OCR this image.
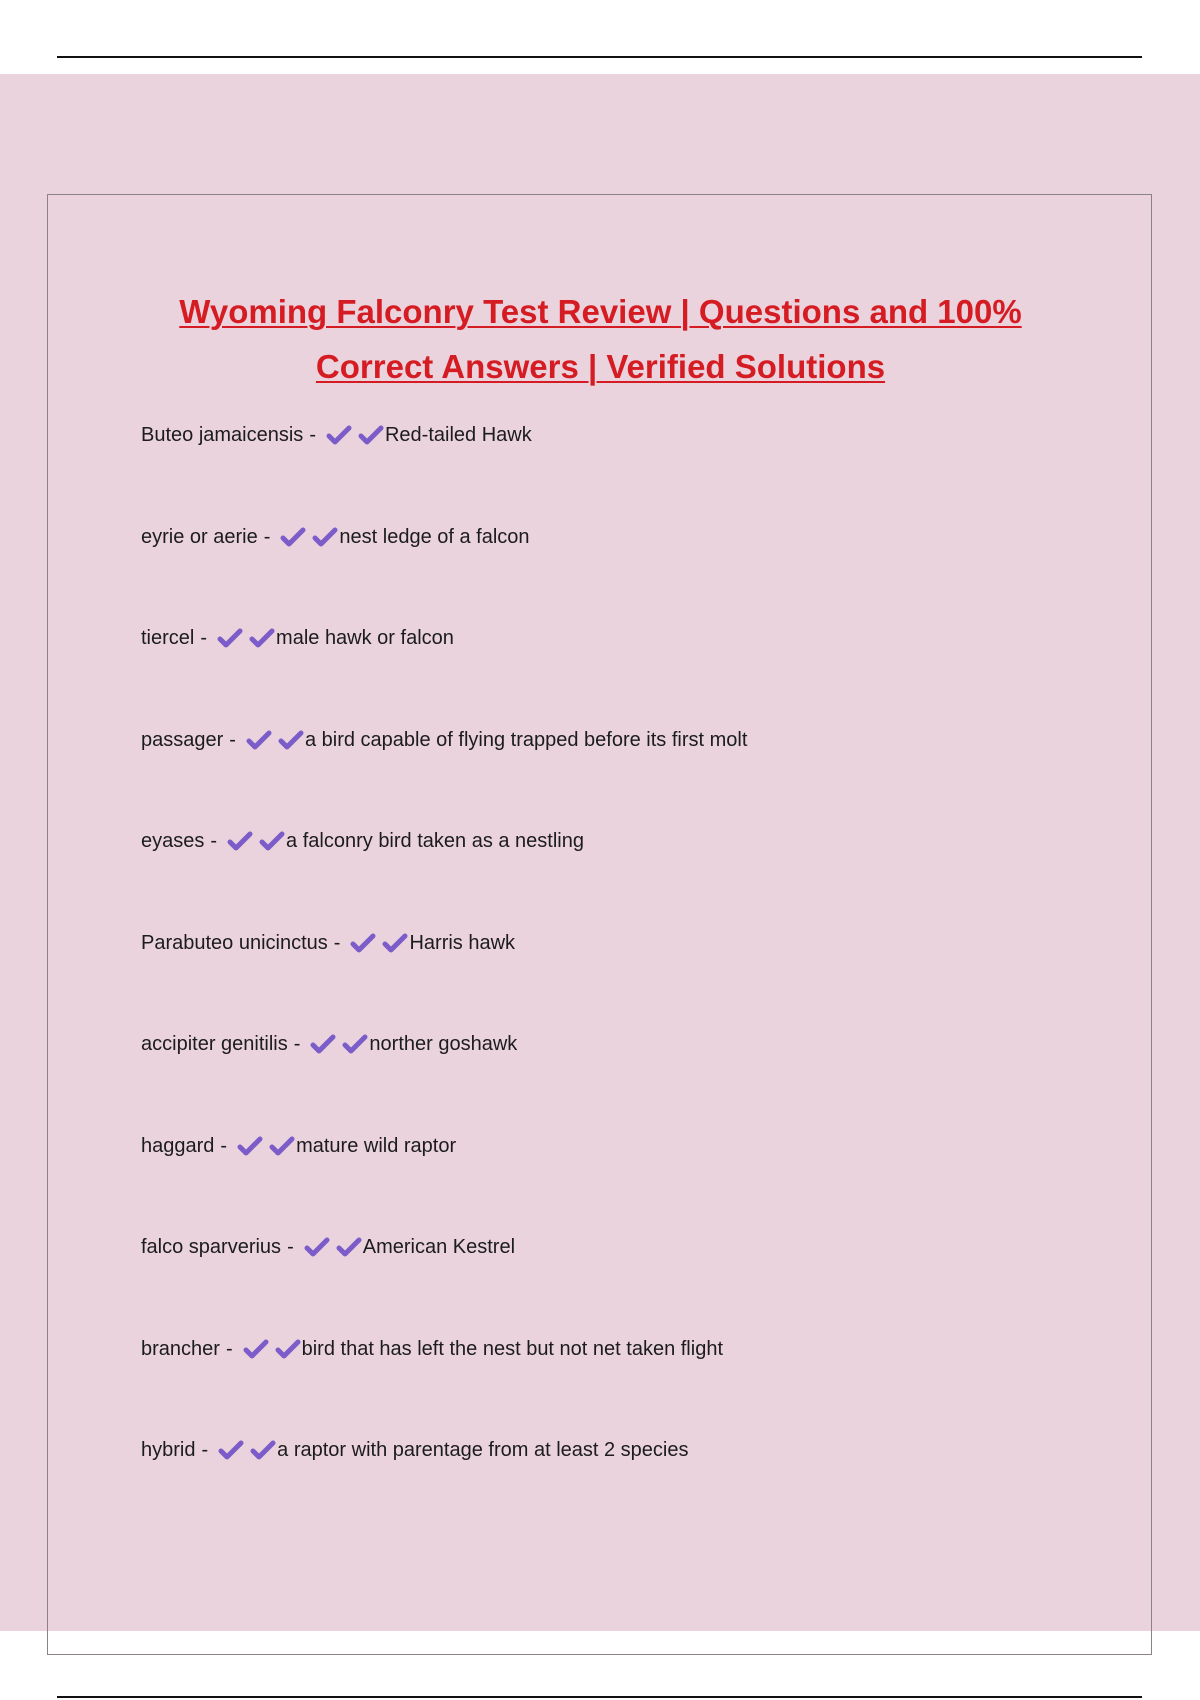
Wyoming Falconry Test Review | Questions and 100% Correct Answers | Verified Solutions
Buteo jamaicensis -	Red-tailed Hawk
eyrie or aerie -	nest ledge of a falcon
tiercel -	male hawk or falcon
passager -	a bird capable of flying trapped before its first molt
eyases -	a falconry bird taken as a nestling
Parabuteo unicinctus -	Harris hawk
accipiter genitilis -	norther goshawk
haggard -	mature wild raptor
falco sparverius -	American Kestrel
brancher -	bird that has left the nest but not net taken flight
hybrid -	a raptor with parentage from at least 2 species
